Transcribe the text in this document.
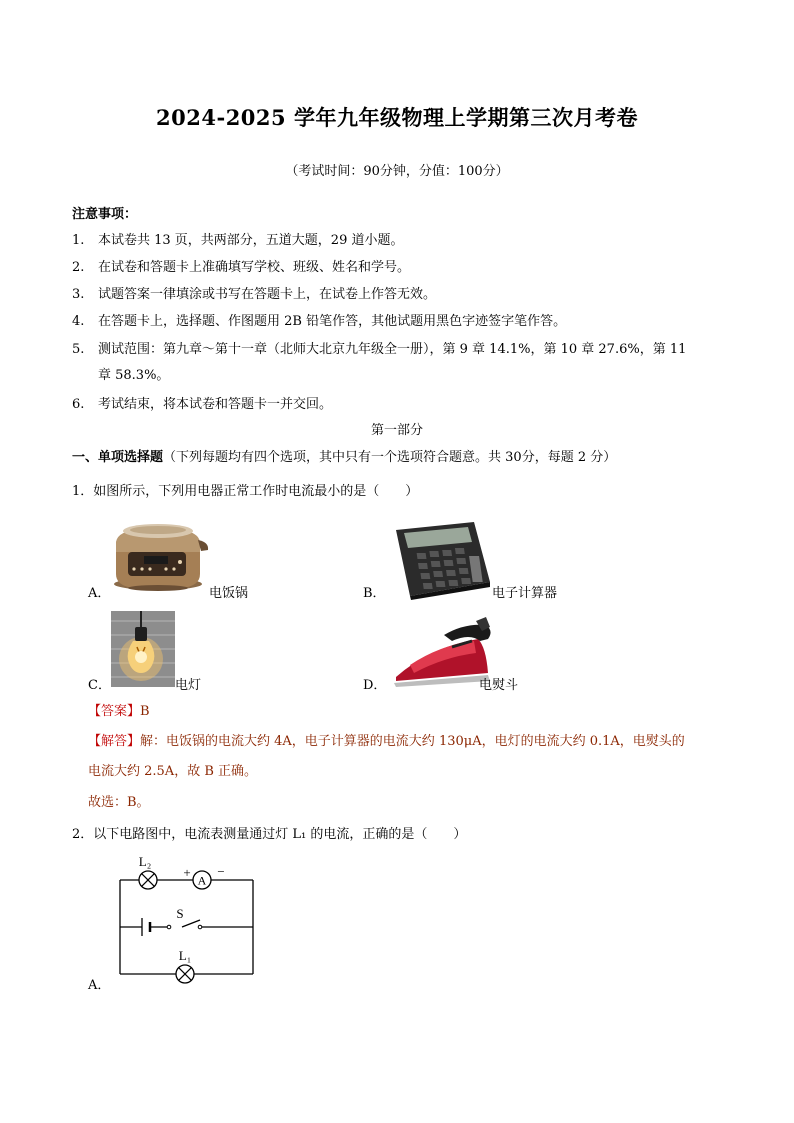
2024-2025 学年九年级物理上学期第三次月考卷
（考试时间：90分钟，分值：100分）
注意事项：
1. 本试卷共 13 页，共两部分，五道大题，29 道小题。
2. 在试卷和答题卡上准确填写学校、班级、姓名和学号。
3. 试题答案一律填涂或书写在答题卡上，在试卷上作答无效。
4. 在答题卡上，选择题、作图题用 2B 铅笔作答，其他试题用黑色字迹签字笔作答。
5. 测试范围：第九章～第十一章（北师大北京九年级全一册），第 9 章 14.1%，第 10 章 27.6%，第 11
章 58.3%。
6. 考试结束，将本试卷和答题卡一并交回。
第一部分
一、单项选择题（下列每题均有四个选项，其中只有一个选项符合题意。共 30分，每题 2 分）
1．如图所示，下列用电器正常工作时电流最小的是（　　）
A．	电饭锅	B．	电子计算器
C．	电灯	D．	电熨斗
【答案】B
【解答】解：电饭锅的电流大约 4A，电子计算器的电流大约 130μA，电灯的电流大约 0.1A，电熨头的
电流大约 2.5A，故 B 正确。
故选：B。
2．以下电路图中，电流表测量通过灯 L₁ 的电流，正确的是（　　）
A
+ −
L₂
S
L₁
A．
